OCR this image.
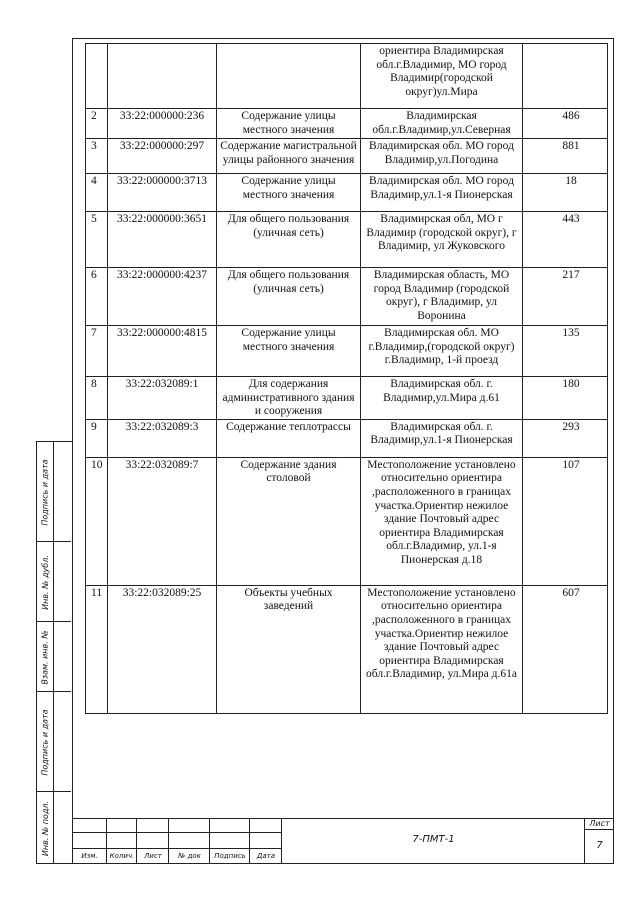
Подпись и дата
Инв. № дубл.
Взам. инв. №
Подпись и дата
Инв. № подл.
			ориентира Владимирская обл.г.Владимир, МО город Владимир(городской округ)ул.Мира	
2	33:22:000000:236	Содержание улицы местного значения	Владимирская обл.г.Владимир,ул.Северная	486
3	33:22:000000:297	Содержание магистральной улицы районного значения	Владимирская обл. МО город Владимир,ул.Погодина	881
4	33:22:000000:3713	Содержание улицы местного значения	Владимирская обл. МО город Владимир,ул.1-я Пионерская	18
5	33:22:000000:3651	Для общего пользования (уличная сеть)	Владимирская обл, МО г Владимир (городской округ), г Владимир, ул Жуковского	443
6	33:22:000000:4237	Для общего пользования (уличная сеть)	Владимирская область, МО город Владимир (городской округ), г Владимир, ул Воронина	217
7	33:22:000000:4815	Содержание улицы местного значения	Владимирская обл. МО г.Владимир,(городской округ) г.Владимир, 1-й проезд	135
8	33:22:032089:1	Для содержания административного здания и сооружения	Владимирская обл. г. Владимир,ул.Мира д.61	180
9	33:22:032089:3	Содержание теплотрассы	Владимирская обл. г. Владимир,ул.1-я Пионерская	293
10	33:22:032089:7	Содержание здания столовой	Местоположение установлено относительно ориентира ,расположенного в границах участка.Ориентир нежилое здание Почтовый адрес ориентира Владимирская обл.г.Владимир, ул.1-я Пионерская д.18	107
11	33:22:032089:25	Объекты учебных заведений	Местоположение установлено относительно ориентира ,расположенного в границах участка.Ориентир нежилое здание Почтовый адрес ориентира Владимирская обл.г.Владимир, ул.Мира д.61а	607
Изм.	Колич.	Лист	№ док	Подпись	Дата
7-ПМТ-1
Лист
7
